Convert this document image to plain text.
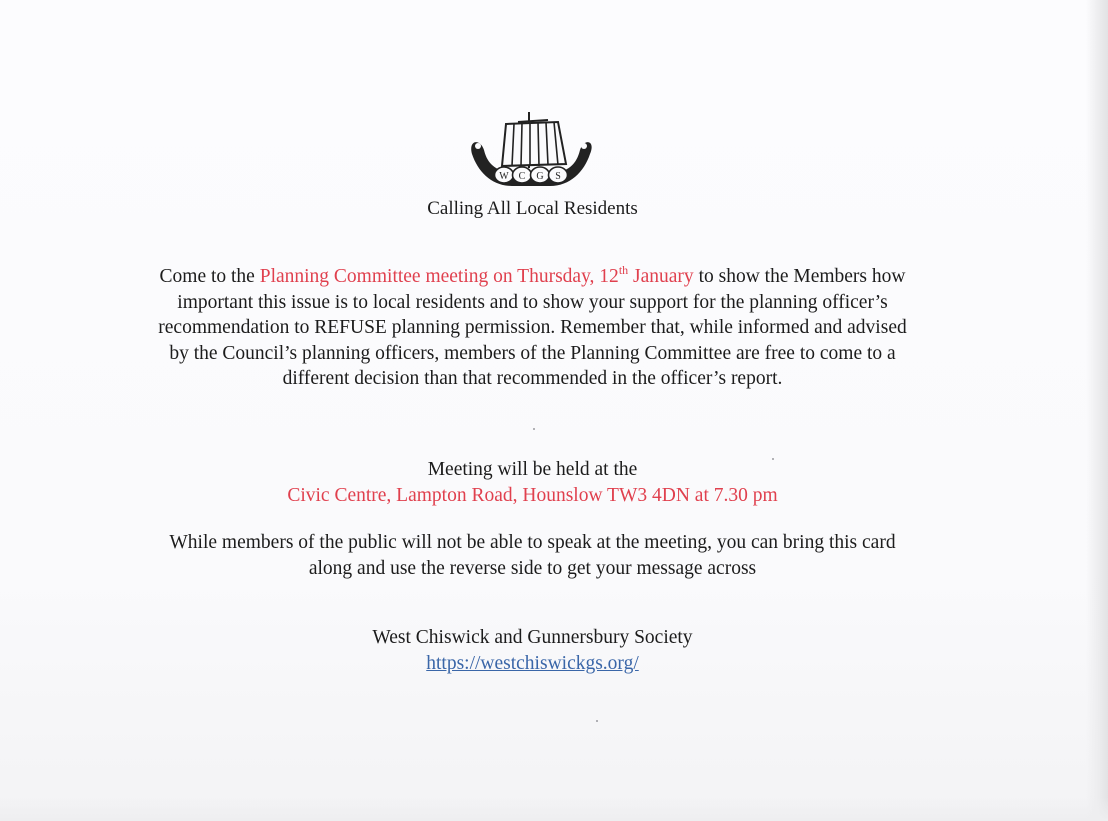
W C G S
Calling All Local Residents
Come to the Planning Committee meeting on Thursday, 12th January to show the Members how important this issue is to local residents and to show your support for the planning officer’s recommendation to REFUSE planning permission. Remember that, while informed and advised by the Council’s planning officers, members of the Planning Committee are free to come to a different decision than that recommended in the officer’s report.
Meeting will be held at the
Civic Centre, Lampton Road, Hounslow TW3 4DN at 7.30 pm
While members of the public will not be able to speak at the meeting, you can bring this card along and use the reverse side to get your message across
West Chiswick and Gunnersbury Society
https://westchiswickgs.org/
